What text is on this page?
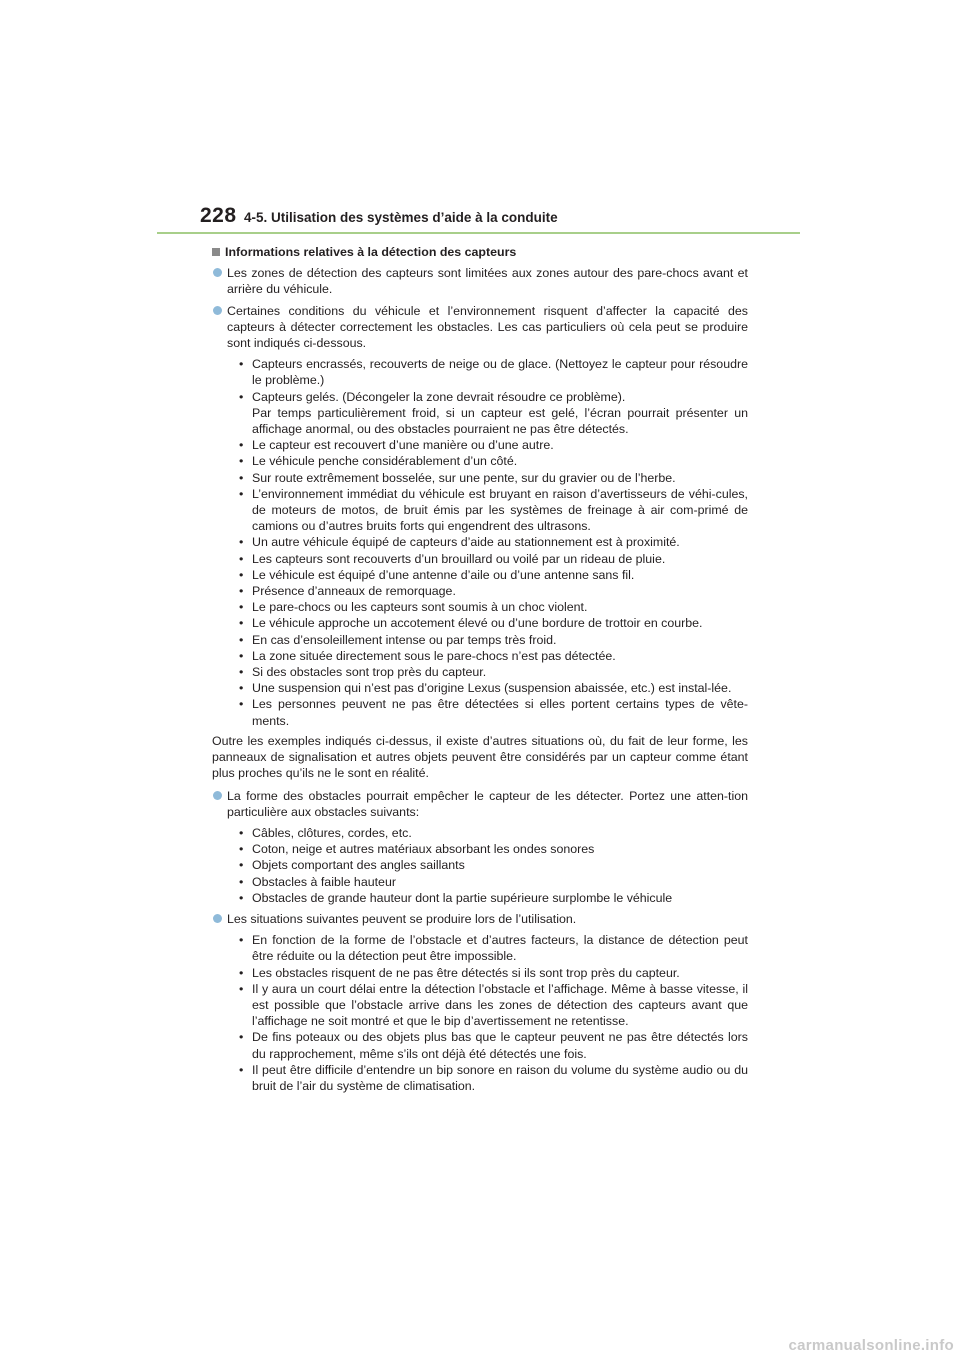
228 4-5. Utilisation des systèmes d’aide à la conduite
Informations relatives à la détection des capteurs
Les zones de détection des capteurs sont limitées aux zones autour des pare-chocs avant et arrière du véhicule.
Certaines conditions du véhicule et l’environnement risquent d’affecter la capacité des capteurs à détecter correctement les obstacles. Les cas particuliers où cela peut se produire sont indiqués ci-dessous.
• Capteurs encrassés, recouverts de neige ou de glace. (Nettoyez le capteur pour résoudre le problème.)
• Capteurs gelés. (Décongeler la zone devrait résoudre ce problème).
Par temps particulièrement froid, si un capteur est gelé, l’écran pourrait présenter un affichage anormal, ou des obstacles pourraient ne pas être détectés.
• Le capteur est recouvert d’une manière ou d’une autre.
• Le véhicule penche considérablement d’un côté.
• Sur route extrêmement bosselée, sur une pente, sur du gravier ou de l’herbe.
• L’environnement immédiat du véhicule est bruyant en raison d’avertisseurs de véhi-cules, de moteurs de motos, de bruit émis par les systèmes de freinage à air com-primé de camions ou d’autres bruits forts qui engendrent des ultrasons.
• Un autre véhicule équipé de capteurs d’aide au stationnement est à proximité.
• Les capteurs sont recouverts d’un brouillard ou voilé par un rideau de pluie.
• Le véhicule est équipé d’une antenne d’aile ou d’une antenne sans fil.
• Présence d’anneaux de remorquage.
• Le pare-chocs ou les capteurs sont soumis à un choc violent.
• Le véhicule approche un accotement élevé ou d’une bordure de trottoir en courbe.
• En cas d’ensoleillement intense ou par temps très froid.
• La zone située directement sous le pare-chocs n’est pas détectée.
• Si des obstacles sont trop près du capteur.
• Une suspension qui n’est pas d’origine Lexus (suspension abaissée, etc.) est instal-lée.
• Les personnes peuvent ne pas être détectées si elles portent certains types de vête-ments.

Outre les exemples indiqués ci-dessus, il existe d’autres situations où, du fait de leur forme, les panneaux de signalisation et autres objets peuvent être considérés par un capteur comme étant plus proches qu’ils ne le sont en réalité.

La forme des obstacles pourrait empêcher le capteur de les détecter. Portez une atten-tion particulière aux obstacles suivants:
• Câbles, clôtures, cordes, etc.
• Coton, neige et autres matériaux absorbant les ondes sonores
• Objets comportant des angles saillants
• Obstacles à faible hauteur
• Obstacles de grande hauteur dont la partie supérieure surplombe le véhicule
Les situations suivantes peuvent se produire lors de l’utilisation.
• En fonction de la forme de l’obstacle et d’autres facteurs, la distance de détection peut être réduite ou la détection peut être impossible.
• Les obstacles risquent de ne pas être détectés si ils sont trop près du capteur.
• Il y aura un court délai entre la détection l’obstacle et l’affichage. Même à basse vitesse, il est possible que l’obstacle arrive dans les zones de détection des capteurs avant que l’affichage ne soit montré et que le bip d’avertissement ne retentisse.
• De fins poteaux ou des objets plus bas que le capteur peuvent ne pas être détectés lors du rapprochement, même s’ils ont déjà été détectés une fois.
• Il peut être difficile d’entendre un bip sonore en raison du volume du système audio ou du bruit de l’air du système de climatisation.
carmanualsonline.info
